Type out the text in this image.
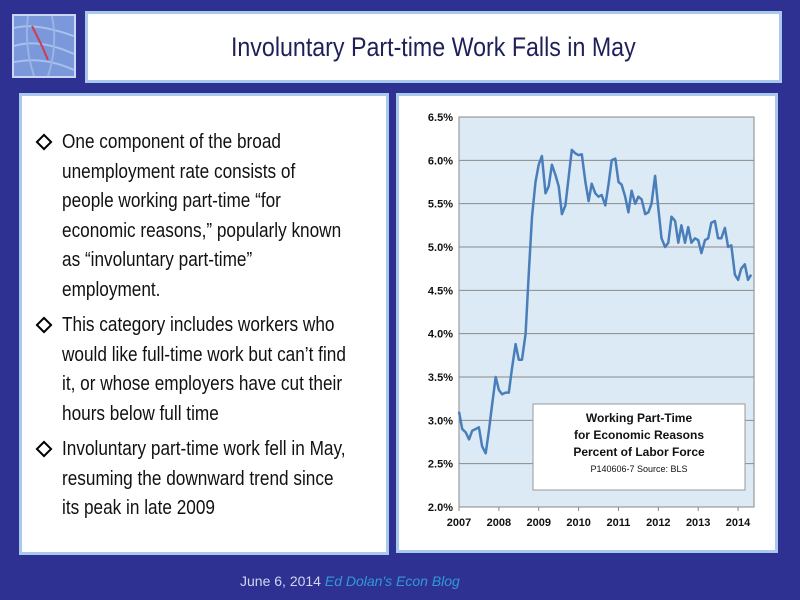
Involuntary Part-time Work Falls in May
One component of the broad unemployment rate consists of people working part-time “for economic reasons,” popularly known as “involuntary part-time” employment.
This category includes workers who would like full-time work but can’t find it, or whose employers have cut their hours below full time
Involuntary part-time work fell in May, resuming the downward trend since its peak in late 2009	2.0%
2.5%
3.0%
3.5%
4.0%
4.5%
5.0%
5.5%
6.0%
6.5%
2007 2008 2009 2010 2011 2012 2013 2014
Working Part-Time
for Economic Reasons
Percent of Labor Force
P140606-7 Source: BLS
June 6, 2014 Ed Dolan's Econ Blog
